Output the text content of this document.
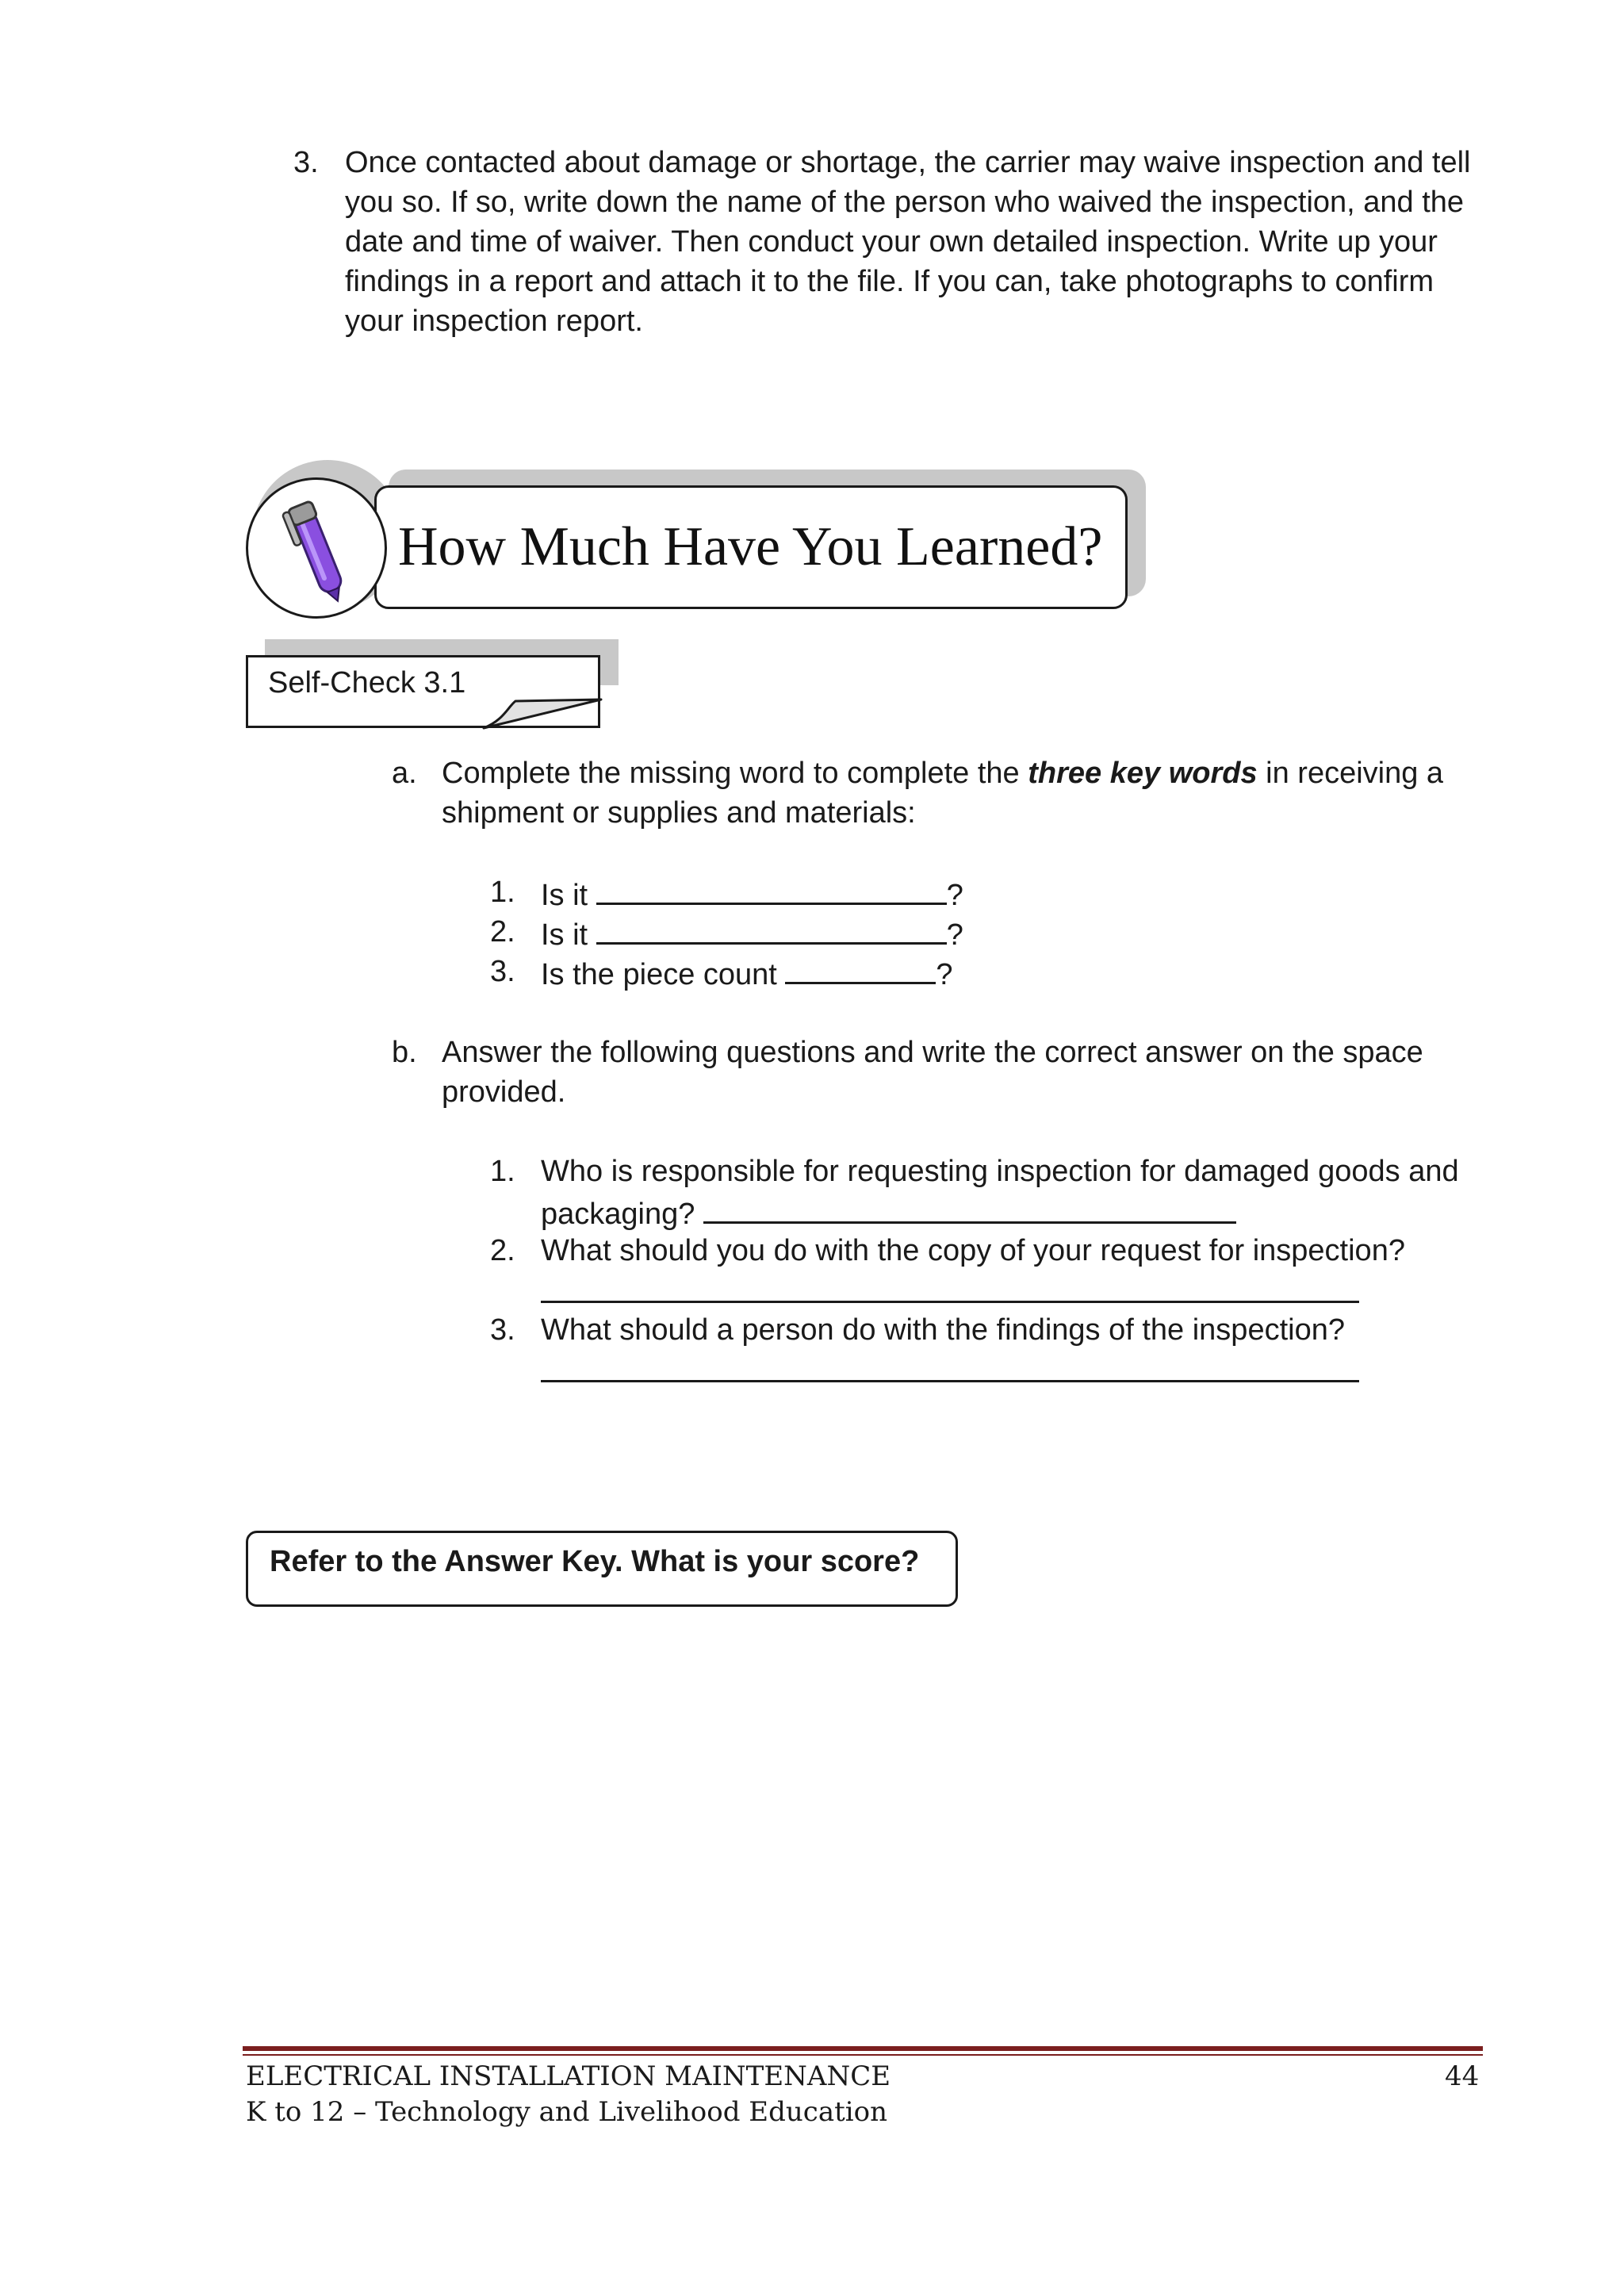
3. Once contacted about damage or shortage, the carrier may waive inspection and tell
you so. If so, write down the name of the person who waived the inspection, and the
date and time of waiver. Then conduct your own detailed inspection. Write up your
findings in a report and attach it to the file. If you can, take photographs to confirm
your inspection report.
How Much Have You Learned?
Self-Check 3.1
a. Complete the missing word to complete the three key words in receiving a
shipment or supplies and materials:
1. Is it	?
2. Is it	?
3. Is the piece count	?
b. Answer the following questions and write the correct answer on the space
provided.
1. Who is responsible for requesting inspection for damaged goods and
packaging?
2. What should you do with the copy of your request for inspection?
3. What should a person do with the findings of the inspection?
Refer to the Answer Key. What is your score?
ELECTRICAL INSTALLATION MAINTENANCE
K to 12 – Technology and Livelihood Education
44
